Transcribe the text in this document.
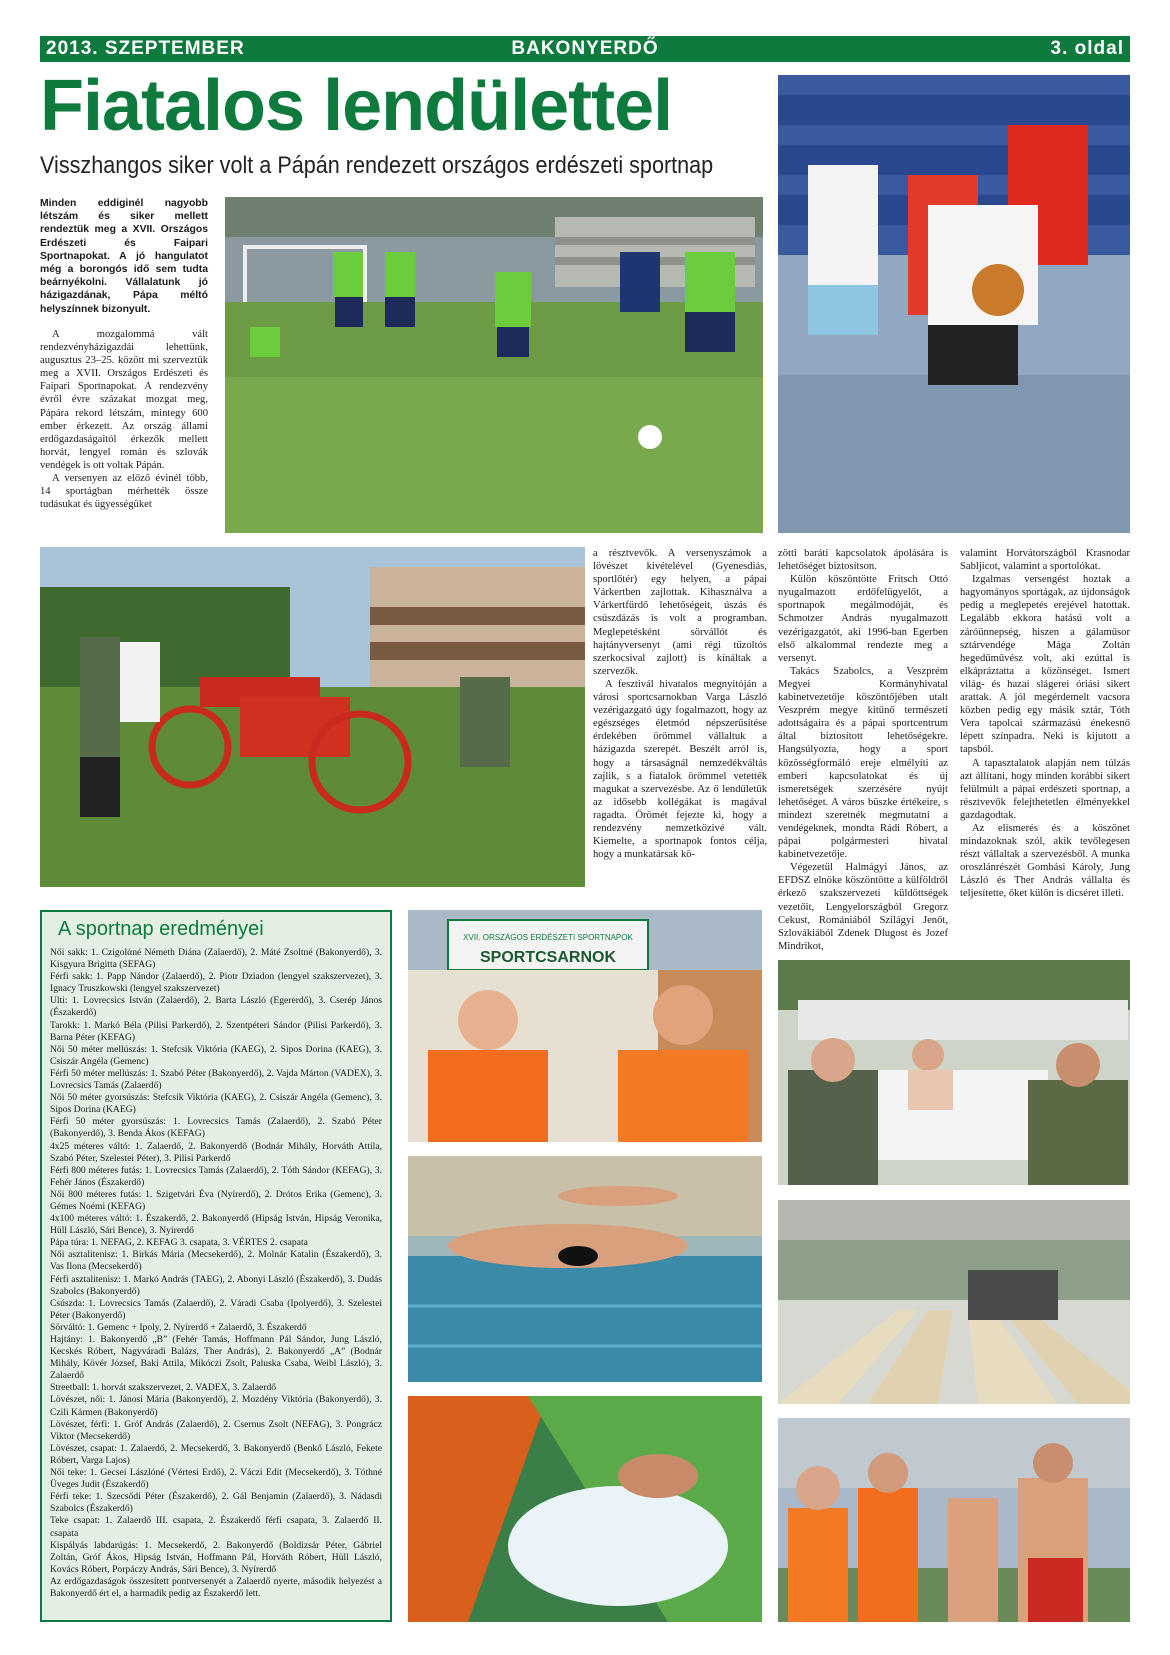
2013. SZEPTEMBER	BAKONYERDŐ	3. oldal
Fiatalos lendülettel
Visszhangos siker volt a Pápán rendezett országos erdészeti sportnap
Minden eddiginél nagyobb létszám és siker mellett rendeztük meg a XVII. Országos Erdészeti és Faipari Sportnapokat. A jó hangulatot még a borongós idő sem tudta beárnyékolni. Vállalatunk jó házigazdának, Pápa méltó helyszínnek bizonyult.

A mozgalommá vált rendezvényházigazdái lehettünk, augusztus 23–25. között mi szerveztük meg a XVII. Országos Erdészeti és Faipari Sportnapokat. A rendezvény évről évre százakat mozgat meg, Pápára rekord létszám, mintegy 600 ember érkezett. Az ország állami erdőgazdaságaitól érkezők mellett horvát, lengyel román és szlovák vendégek is ott voltak Pápán.

A versenyen az előző évinél több, 14 sportágban mérhették össze tudásukat és ügyességüket

a résztvevők. A versenyszámok a lövészet kivételével (Gyenesdiás, sportlőtér) egy helyen, a pápai Várkertben zajlottak. Kihasználva a Várkertfürdő lehetőségeit, úszás és csúszdázás is volt a programban. Meglepetésként sörvállót és hajtányversenyt (ami régi tűzoltós szerkocsival zajlott) is kínáltak a szervezők.

A fesztivál hivatalos megnyitóján a városi sportcsarnokban Varga László vezérigazgató úgy fogalmazott, hogy az egészséges életmód népszerűsítése érdekében örömmel vállaltuk a házigazda szerepét. Beszélt arról is, hogy a társaságnál nemzedékváltás zajlik, s a fiatalok örömmel vetették magukat a szervezésbe. Az ő lendületük az idősebb kollégákat is magával ragadta. Örömét fejezte ki, hogy a rendezvény nemzetközivé vált. Kiemelte, a sportnapok fontos célja, hogy a munkatársak kö-

zötti baráti kapcsolatok ápolására is lehetőséget biztosítson.

Külön köszöntötte Fritsch Ottó nyugalmazott erdőfelügyelőt, a sportnapok megálmodóját, és Schmotzer András nyugalmazott vezérigazgatót, aki 1996-ban Egerben első alkalommal rendezte meg a versenyt.

Takács Szabolcs, a Veszprém Megyei Kormányhivatal kabinetvezetője köszöntőjében utalt Veszprém megye kitűnő természeti adottságaira és a pápai sportcentrum által biztosított lehetőségekre. Hangsúlyozta, hogy a sport közösségformáló ereje elmélyíti az emberi kapcsolatokat és új ismeretségek szerzésére nyújt lehetőséget. A város büszke értékeire, s mindezt szeretnék megmutatni a vendégeknek, mondta Rádi Róbert, a pápai polgármesteri hivatal kabinetvezetője.

Végezetül Halmágyi János, az EFDSZ elnöke köszöntötte a külföldről érkező szakszervezeti küldöttségek vezetőit, Lengyelországból Gregorz Cekust, Romániából Szilágyi Jenőt, Szlovákiából Zdenek Dlugost és Jozef Mindrikot,

valamint Horvátországból Krasnodar Sabljicot, valamint a sportolókat.

Izgalmas versengést hoztak a hagyományos sportágak, az újdonságok pedig a meglepetés erejével hatottak. Legalább ekkora hatású volt a záróünnepség, hiszen a gálaműsor sztárvendége Mága Zoltán hegedűművész volt, aki ezúttal is elkápráztatta a közönséget. Ismert világ- és hazai slágerei óriási sikert arattak. A jól megérdemelt vacsora közben pedig egy másik sztár, Tóth Vera tapolcai származású énekesnő lépett színpadra. Neki is kijutott a tapsból.

A tapasztalatok alapján nem túlzás azt állítani, hogy minden korábbi sikert felülmúlt a pápai erdészeti sportnap, a résztvevők felejthetetlen élményekkel gazdagodtak.

Az elismerés és a köszönet mindazoknak szól, akik tevőlegesen részt vállaltak a szervezésből. A munka oroszlánrészét Gombási Károly, Jung László és Ther András vállalta és teljesítette, őket külön is dicséret illeti.

A sportnap eredményei
Női sakk: 1. Czigolάné Németh Diána (Zalaerdő), 2. Máté Zsoltné (Bakonyerdő), 3. Kisgyura Brigitta (SEFAG)
Férfi sakk: 1. Papp Nándor (Zalaerdő), 2. Piotr Dziadon (lengyel szakszervezet), 3. Ignacy Truszkowski (lengyel szakszervezet)
Ulti: 1. Lovrecsics István (Zalaerdő), 2. Barta László (Egererdő), 3. Cserép János (Északerdő)
Tarokk: 1. Markó Béla (Pilisi Parkerdő), 2. Szentpéteri Sándor (Pilisi Parkerdő), 3. Barna Péter (KEFAG)
Női 50 méter mellúszás: 1. Stefcsik Viktória (KAEG), 2. Sipos Dorina (KAEG), 3. Csiszár Angéla (Gemenc)
Férfi 50 méter mellúszás: 1. Szabó Péter (Bakonyerdő), 2. Vajda Márton (VADEX), 3. Lovrecsics Tamás (Zalaerdő)
Női 50 méter gyorsúszás: Stefcsik Viktória (KAEG), 2. Csiszár Angéla (Gemenc), 3. Sipos Dorina (KAEG)
Férfi 50 méter gyorsúszás: 1. Lovrecsics Tamás (Zalaerdő), 2. Szabó Péter (Bakonyerdő), 3. Benda Ákos (KEFAG)
4x25 méteres váltó: 1. Zalaerdő, 2. Bakonyerdő (Bodnár Mihály, Horváth Attila, Szabó Péter, Szelestei Péter), 3. Pilisi Parkerdő
Férfi 800 méteres futás: 1. Lovrecsics Tamás (Zalaerdő), 2. Tóth Sándor (KEFAG), 3. Fehér János (Északerdő)
Női 800 méteres futás: 1. Szigetvári Éva (Nyírerdő), 2. Drótos Erika (Gemenc), 3. Gémes Noémi (KEFAG)
4x100 méteres váltó: 1. Északerdő, 2. Bakonyerdő (Hipság István, Hipság Veronika, Hüll László, Sári Bence), 3. Nyírerdő
Pápa túra: 1. NEFAG, 2. KEFAG 3. csapata, 3. VÉRTES 2. csapata
Női asztalitenisz: 1. Birkás Mária (Mecsekerdő), 2. Molnár Katalin (Északerdő), 3. Vas Ilona (Mecsekerdő)
Férfi asztalitenisz: 1. Markó András (TAEG), 2. Abonyi László (Északerdő), 3. Dudás Szabolcs (Bakonyerdő)
Csúszda: 1. Lovrecsics Tamás (Zalaerdő), 2. Váradi Csaba (Ipolyerdő), 3. Szelestei Péter (Bakonyerdő)
Sörváltó: 1. Gemenc + Ipoly, 2. Nyírerdő + Zalaerdő, 3. Északerdő
Hajtány: 1. Bakonyerdő „B” (Fehér Tamás, Hoffmann Pál Sándor, Jung László, Kecskés Róbert, Nagyváradi Balázs, Ther András), 2. Bakonyerdő „A” (Bodnár Mihály, Kövér József, Baki Attila, Mikóczi Zsolt, Paluska Csaba, Weibl László), 3. Zalaerdő
Streetball: 1. horvát szakszervezet, 2. VADEX, 3. Zalaerdő
Lövészet, női: 1. Jánosi Mária (Bakonyerdő), 2. Mozdény Viktória (Bakonyerdő), 3. Czili Kármen (Bakonyerdő)
Lövészet, férfi: 1. Gróf András (Zalaerdő), 2. Csernus Zsolt (NEFAG), 3. Pongrácz Viktor (Mecsekerdő)
Lövészet, csapat: 1. Zalaerdő, 2. Mecsekerdő, 3. Bakonyerdő (Benkő László, Fekete Róbert, Varga Lajos)
Női teke: 1. Gecsei Lászlóné (Vértesi Erdő), 2. Váczi Edit (Mecsekerdő), 3. Tóthné Üveges Judit (Északerdő)
Férfi teke: 1. Szecsődi Péter (Északerdő), 2. Gál Benjamin (Zalaerdő), 3. Nádasdi Szabolcs (Északerdő)
Teke csapat: 1. Zalaerdő III. csapata, 2. Északerdő férfi csapata, 3. Zalaerdő II. csapata
Kispályás labdarúgás: 1. Mecsekerdő, 2. Bakonyerdő (Boldizsár Péter, Gábriel Zoltán, Gróf Ákos, Hipság István, Hoffmann Pál, Horváth Róbert, Hüll László, Kovács Róbert, Porpáczy András, Sári Bence), 3. Nyírerdő
Az erdőgazdaságok összesített pontversenyét a Zalaerdő nyerte, második helyezést a Bakonyerdő ért el, a harmadik pedig az Északerdő lett.
XVII. ORSZÁGOS ERDÉSZETI SPORTNAPOK
SPORTCSARNOK
